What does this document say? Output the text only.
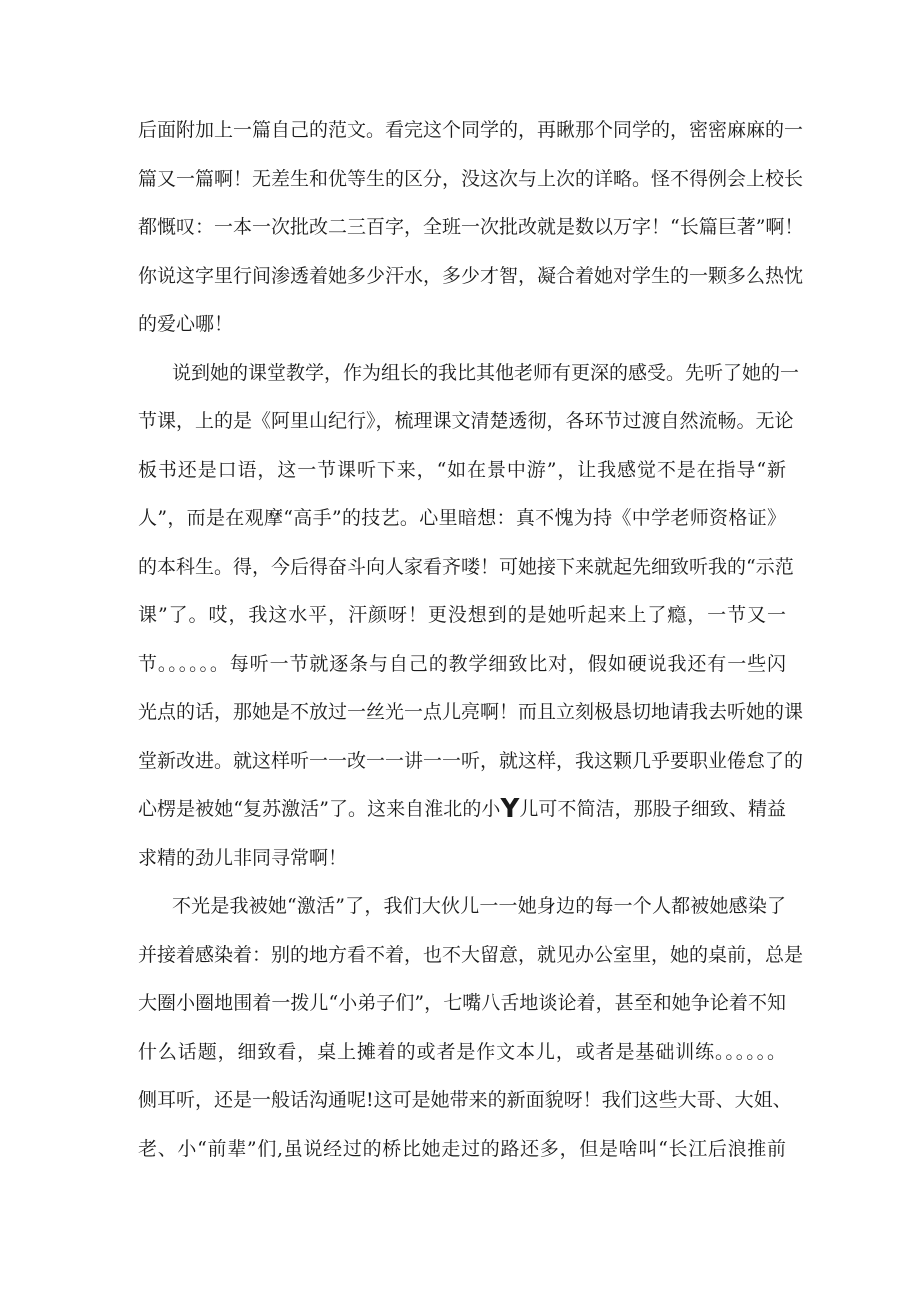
后面附加上一篇自己的范文。看完这个同学的，再瞅那个同学的，密密麻麻的一
篇又一篇啊！无差生和优等生的区分，没这次与上次的详略。怪不得例会上校长
都慨叹：一本一次批改二三百字，全班一次批改就是数以万字！“长篇巨著”啊！
你说这字里行间渗透着她多少汗水，多少才智，凝合着她对学生的一颗多么热忱
的爱心哪！
说到她的课堂教学，作为组长的我比其他老师有更深的感受。先听了她的一
节课，上的是《阿里山纪行》，梳理课文清楚透彻，各环节过渡自然流畅。无论
板书还是口语，这一节课听下来，“如在景中游”，让我感觉不是在指导“新
人”，而是在观摩“高手”的技艺。心里暗想：真不愧为持《中学老师资格证》
的本科生。得，今后得奋斗向人家看齐喽！可她接下来就起先细致听我的“示范
课”了。哎，我这水平，汗颜呀！更没想到的是她听起来上了瘾，一节又一
节。。。。。。每听一节就逐条与自己的教学细致比对，假如硬说我还有一些闪
光点的话，那她是不放过一丝光一点儿亮啊！而且立刻极恳切地请我去听她的课
堂新改进。就这样听一一改一一讲一一听，就这样，我这颗几乎要职业倦怠了的
心楞是被她“复苏激活”了。这来自淮北的小Y儿可不简洁，那股子细致、精益
求精的劲儿非同寻常啊！
不光是我被她“激活”了，我们大伙儿一一她身边的每一个人都被她感染了
并接着感染着：别的地方看不着，也不大留意，就见办公室里，她的桌前，总是
大圈小圈地围着一拨儿“小弟子们”，七嘴八舌地谈论着，甚至和她争论着不知
什么话题，细致看，桌上摊着的或者是作文本儿，或者是基础训练。。。。。。
侧耳听，还是一般话沟通呢!这可是她带来的新面貌呀！我们这些大哥、大姐、
老、小“前辈”们,虽说经过的桥比她走过的路还多，但是啥叫“长江后浪推前
